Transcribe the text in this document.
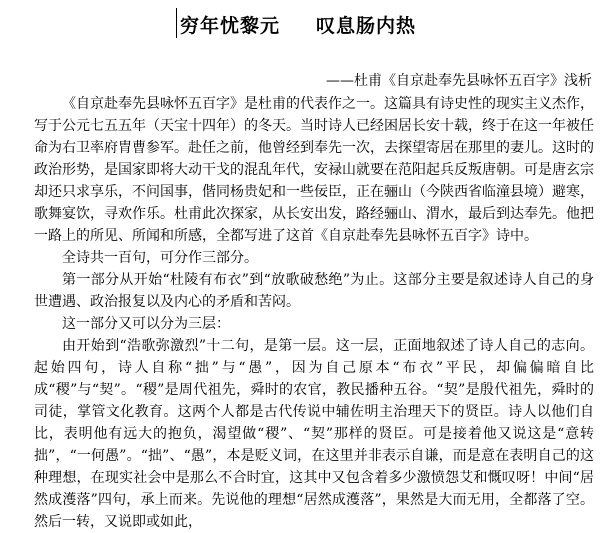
穷年忧黎元 叹息肠内热
——杜甫《自京赴奉先县咏怀五百字》浅析

《自京赴奉先县咏怀五百字》是杜甫的代表作之一。这篇具有诗史性的现实主义杰作，写于公元七五五年（天宝十四年）的冬天。当时诗人已经困居长安十载，终于在这一年被任命为右卫率府胄曹参军。赴任之前，他曾经到奉先一次，去探望寄居在那里的妻儿。这时的政治形势，是国家即将大动干戈的混乱年代，安禄山就要在范阳起兵反叛唐朝。可是唐玄宗却还只求享乐，不问国事，偕同杨贵妃和一些佞臣，正在骊山（今陕西省临潼县境）避寒，歌舞宴饮，寻欢作乐。杜甫此次探家，从长安出发，路经骊山、渭水，最后到达奉先。他把一路上的所见、所闻和所感，全都写进了这首《自京赴奉先县咏怀五百字》诗中。

全诗共一百句，可分作三部分。

第一部分从开始“杜陵有布衣”到“放歌破愁绝”为止。这部分主要是叙述诗人自己的身世遭遇、政治报复以及内心的矛盾和苦闷。

这一部分又可以分为三层：

由开始到“浩歌弥激烈”十二句，是第一层。这一层，正面地叙述了诗人自己的志向。起始四句，诗人自称“拙”与“愚”，因为自己原本“布衣”平民，却偏偏暗自比成“稷”与“契”。“稷”是周代祖先，舜时的农官，教民播种五谷。“契”是殷代祖先，舜时的司徒，掌管文化教育。这两个人都是古代传说中辅佐明主治理天下的贤臣。诗人以他们自比，表明他有远大的抱负，渴望做“稷”、“契”那样的贤臣。可是接着他又说这是“意转拙”，“一何愚”。“拙”、“愚”，本是贬义词，在这里并非表示自谦，而是意在表明自己的这种理想，在现实社会中是那么不合时宜，这其中又包含着多少激愤怨艾和慨叹呀！中间“居然成濩落”四句，承上而来。先说他的理想“居然成濩落”，果然是大而无用，全都落了空。然后一转，又说即或如此，
